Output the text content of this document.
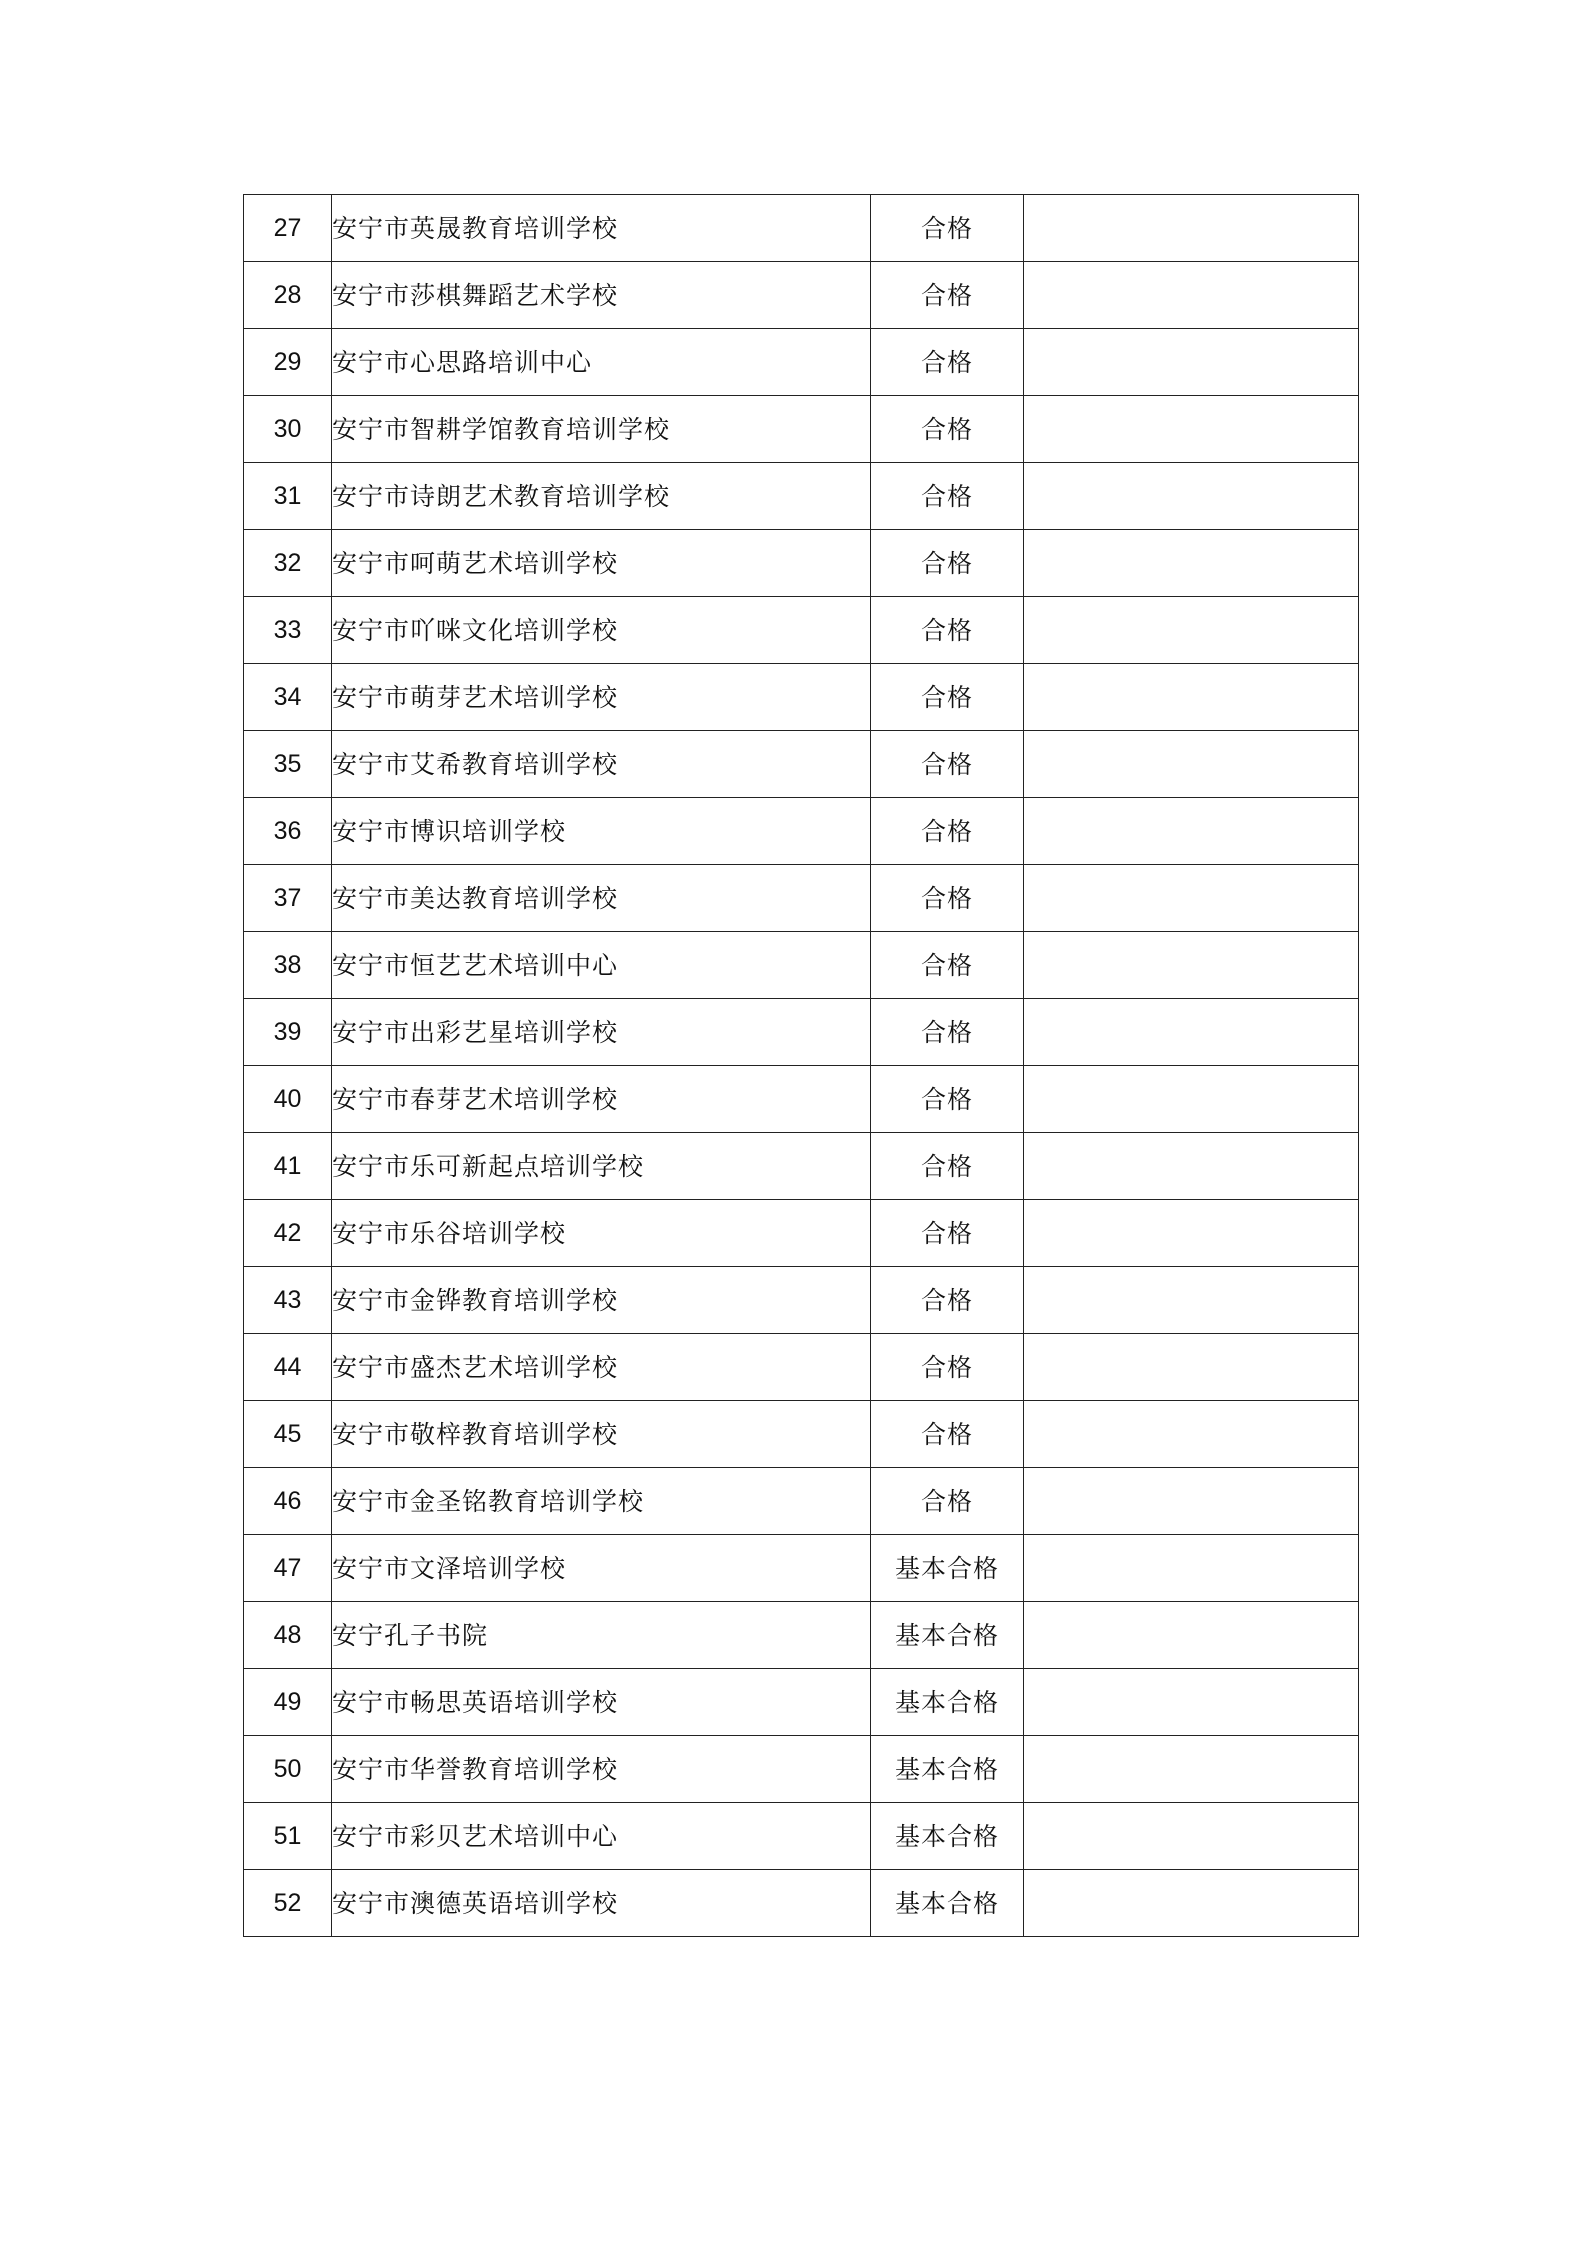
27	安宁市英晟教育培训学校	合格	
28	安宁市莎棋舞蹈艺术学校	合格	
29	安宁市心思路培训中心	合格	
30	安宁市智耕学馆教育培训学校	合格	
31	安宁市诗朗艺术教育培训学校	合格	
32	安宁市呵萌艺术培训学校	合格	
33	安宁市吖咪文化培训学校	合格	
34	安宁市萌芽艺术培训学校	合格	
35	安宁市艾希教育培训学校	合格	
36	安宁市博识培训学校	合格	
37	安宁市美达教育培训学校	合格	
38	安宁市恒艺艺术培训中心	合格	
39	安宁市出彩艺星培训学校	合格	
40	安宁市春芽艺术培训学校	合格	
41	安宁市乐可新起点培训学校	合格	
42	安宁市乐谷培训学校	合格	
43	安宁市金铧教育培训学校	合格	
44	安宁市盛杰艺术培训学校	合格	
45	安宁市敬梓教育培训学校	合格	
46	安宁市金圣铭教育培训学校	合格	
47	安宁市文泽培训学校	基本合格	
48	安宁孔子书院	基本合格	
49	安宁市畅思英语培训学校	基本合格	
50	安宁市华誉教育培训学校	基本合格	
51	安宁市彩贝艺术培训中心	基本合格	
52	安宁市澳德英语培训学校	基本合格	
